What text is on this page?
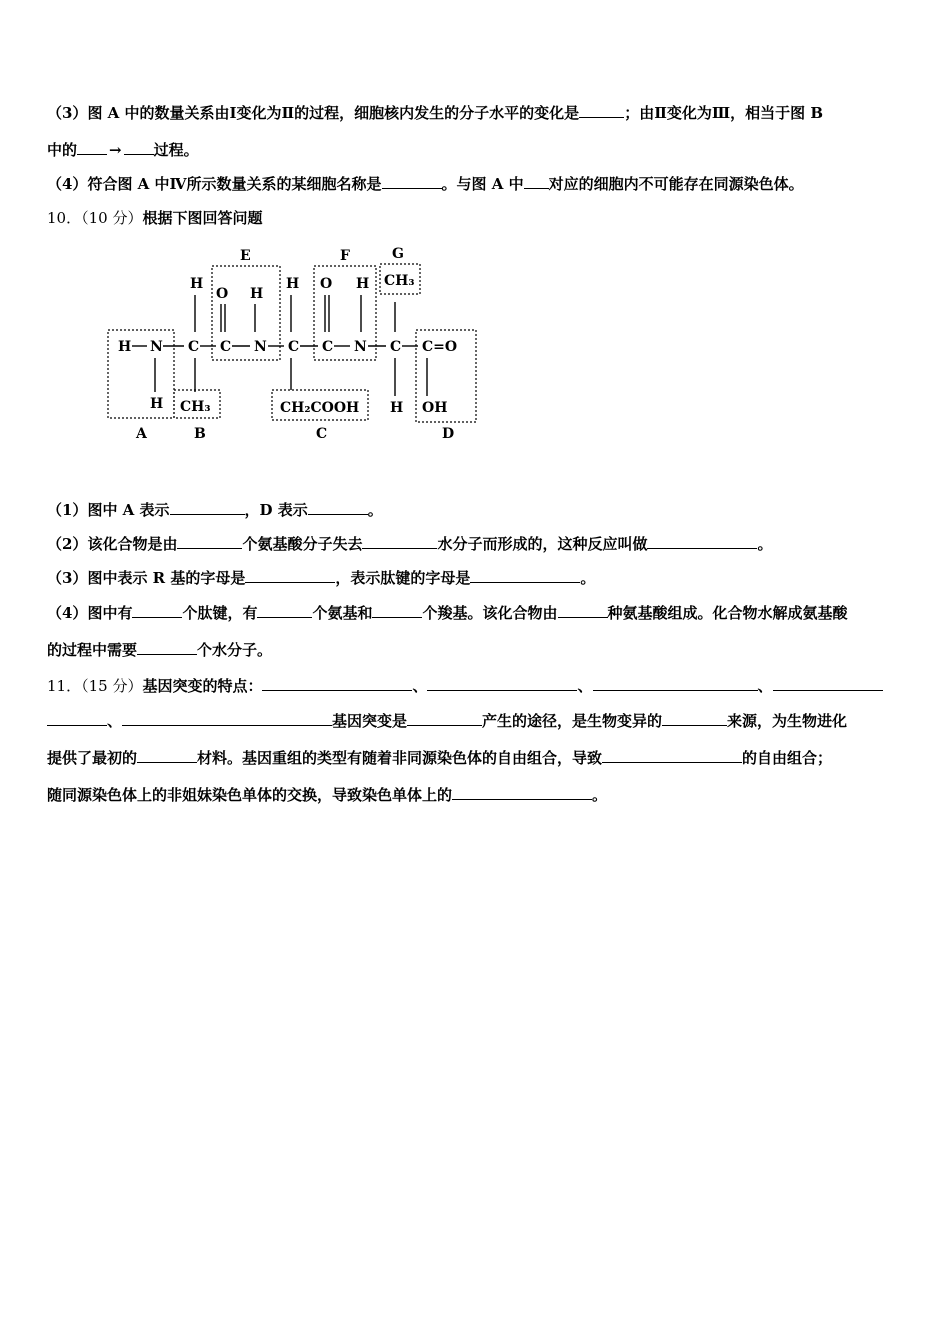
（3）图 A 中的数量关系由Ⅰ变化为Ⅱ的过程，细胞核内发生的分子水平的变化是	；由Ⅱ变化为Ⅲ，相当于图 B
中的 → 过程。
（4）符合图 A 中Ⅳ所示数量关系的某细胞名称是	。与图 A 中 对应的细胞内不可能存在同源染色体。
10．（10 分）根据下图回答问题
E	F	G
A	B	C	D
H
O H
H O H CH₃
H N C C N C C N C C=O
H CH₃	CH₂COOH H OH
（1）图中 A 表示	，D 表示	。
（2）该化合物是由	个氨基酸分子失去	水分子而形成的，这种反应叫做	。
（3）图中表示 R 基的字母是	，表示肽键的字母是	。
（4）图中有	个肽键，有	个氨基和	个羧基。该化合物由	种氨基酸组成。化合物水解成氨基酸
的过程中需要	个水分子。
11．（15 分）基因突变的特点：	、	、	、
、	基因突变是	产生的途径，是生物变异的	来源，为生物进化
提供了最初的	材料。基因重组的类型有随着非同源染色体的自由组合，导致	的自由组合；
随同源染色体上的非姐妹染色单体的交换，导致染色单体上的	。
